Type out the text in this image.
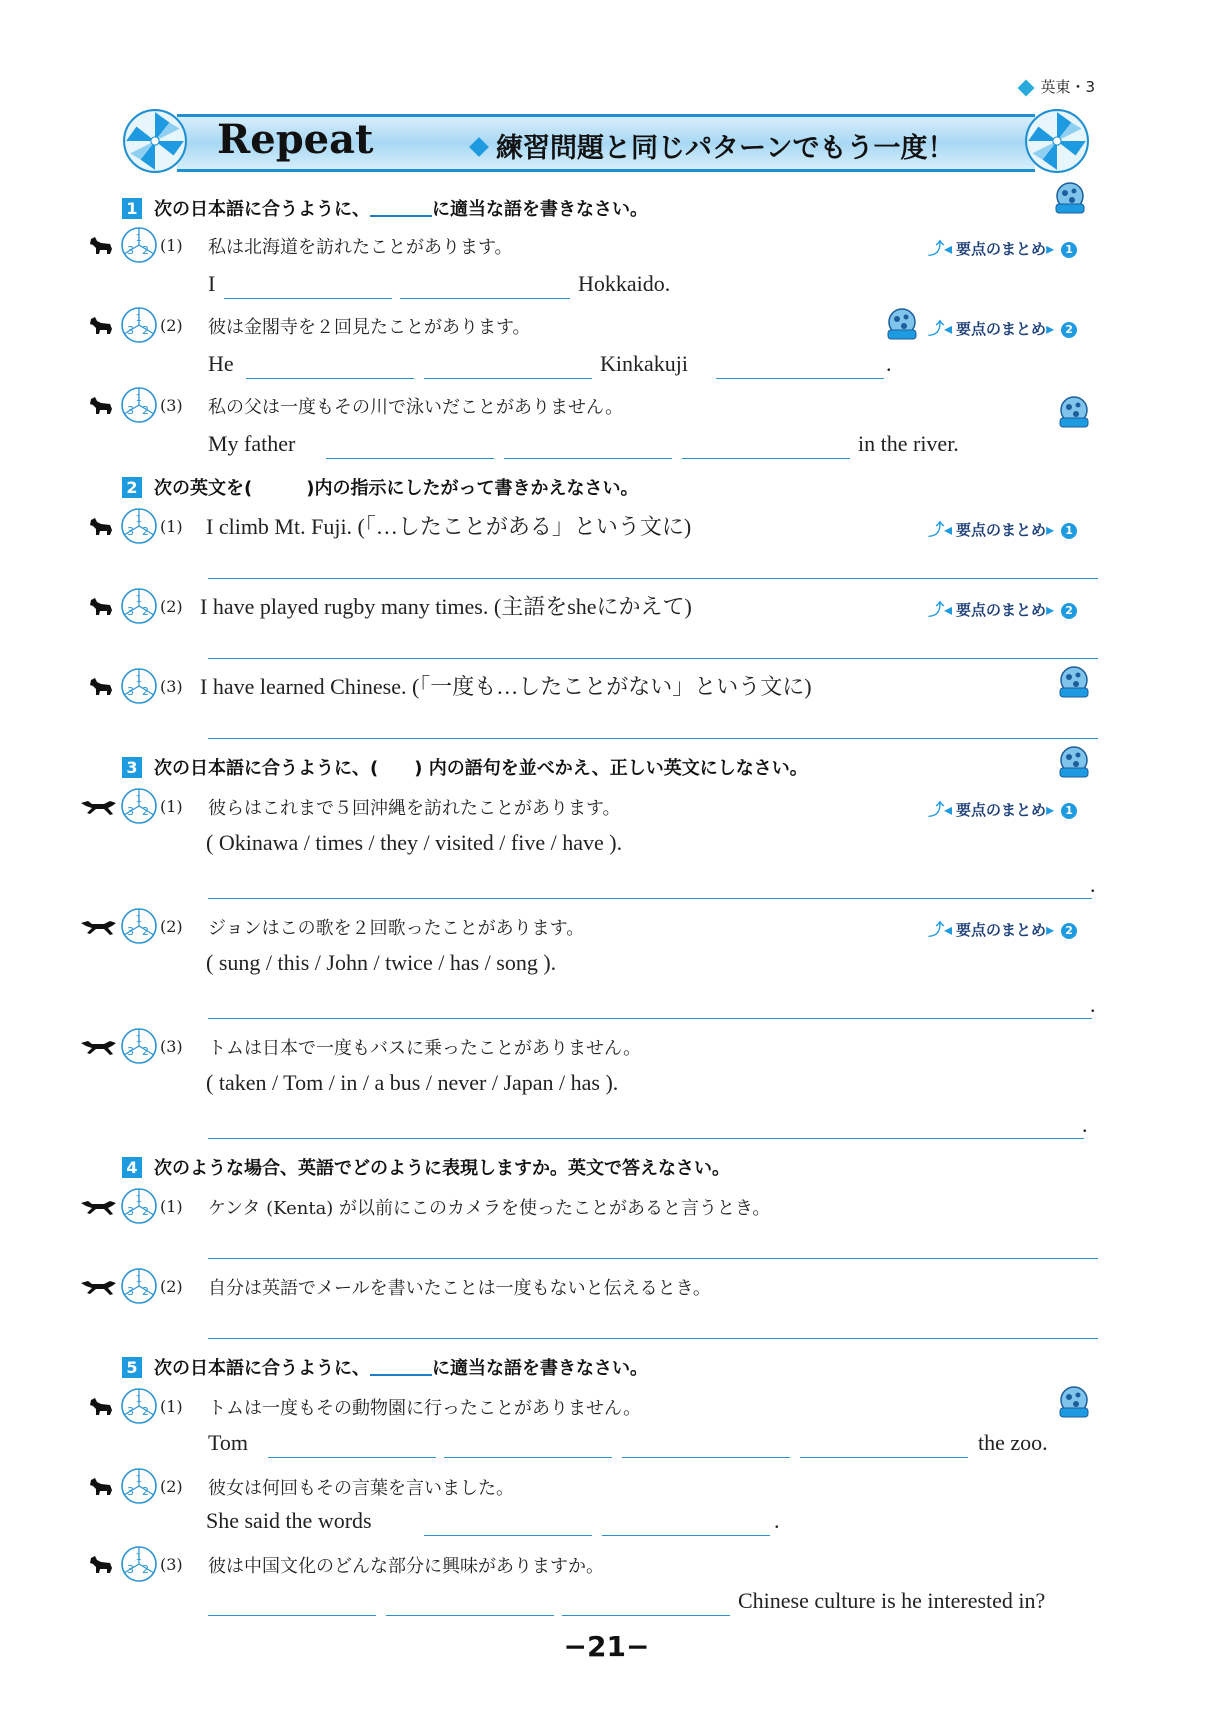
英東・3
Repeat	練習問題と同じパターンでもう一度！
1 次の日本語に合うように、	に適当な語を書きなさい。
(1) 私は北海道を訪れたことがあります。	⤴◂ 要点のまとめ▸ 1
I	Hokkaido.
(2) 彼は金閣寺を２回見たことがあります。	⤴◂ 要点のまとめ▸ 2
He	Kinkakuji	.
(3) 私の父は一度もその川で泳いだことがありません。
My father	in the river.
2 次の英文を(　　　)内の指示にしたがって書きかえなさい。
(1) I climb Mt. Fuji. (「…したことがある」という文に)	⤴◂ 要点のまとめ▸ 1
(2) I have played rugby many times. (主語をsheにかえて)	⤴◂ 要点のまとめ▸ 2
(3) I have learned Chinese. (「一度も…したことがない」という文に)
3 次の日本語に合うように、(　　) 内の語句を並べかえ、正しい英文にしなさい。
(1) 彼らはこれまで５回沖縄を訪れたことがあります。	⤴◂ 要点のまとめ▸ 1
( Okinawa / times / they / visited / five / have ).
.
(2) ジョンはこの歌を２回歌ったことがあります。	⤴◂ 要点のまとめ▸ 2
( sung / this / John / twice / has / song ).
.
(3) トムは日本で一度もバスに乗ったことがありません。
( taken / Tom / in / a bus / never / Japan / has ).
.
4 次のような場合、英語でどのように表現しますか。英文で答えなさい。
(1) ケンタ (Kenta) が以前にこのカメラを使ったことがあると言うとき。
(2) 自分は英語でメールを書いたことは一度もないと伝えるとき。
5 次の日本語に合うように、	に適当な語を書きなさい。
(1) トムは一度もその動物園に行ったことがありません。
Tom	the zoo.
(2) 彼女は何回もその言葉を言いました。
She said the words	.
(3) 彼は中国文化のどんな部分に興味がありますか。
Chinese culture is he interested in?
−21−
